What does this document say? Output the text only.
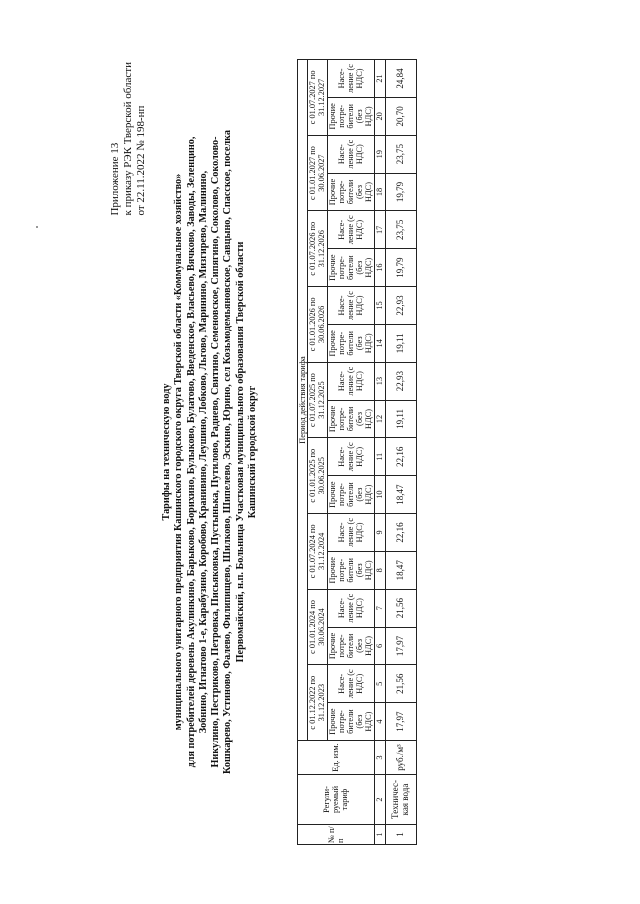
Приложение 13 к приказу РЭК Тверской области от 22.11.2022 № 198-нп
Тарифы на техническую воду муниципального унитарного предприятия Кашинского городского округа Тверской области «Коммунальное хозяйство» для потребителей деревень Акулинкино, Барыково, Борихино, Булыково, Булатово, Введенское, Власьево, Вячково, Заводы, Зеленцино, Зобнино, Игнатово 1-е, Карабузино, Коробово, Кранивино, Леушино, Лобково, Льгово, Маринино, Мизгирево, Малинино, Никулино, Пестриково, Петровка, Письяковка, Пустынька, Путилово, Раднево, Свитино, Семеновское, Сипягино, Соколово, Соколово- Кошкарево, Устиново, Фалево, Филипищево, Шилково, Шипелево, Эскино, Юрино, сел Козьмодемьяновское, Савцыно, Спасское, поселка Первомайский, н.п. Больница Участковая муниципального образования Тверской области Кашинский городской округ
№ п/ п	Регули-руемый тариф	Ед. изм.	Период действия тарифа																	
			с 01.12.2022 по 31.12.2023		с 01.01.2024 по 30.06.2024		с 01.07.2024 по 31.12.2024		с 01.01.2025 по 30.06.2025		с 01.07.2025 по 31.12.2025		с 01.01.2026 по 30.06.2026		с 01.07.2026 по 31.12.2026		с 01.01.2027 по 30.06.2027		с 01.07.2027 по 31.12.2027	
			Прочие потре-бители (без НДС)	Насе-ление (с НДС)	Прочие потре-бители (без НДС)	Насе-ление (с НДС)	Прочие потре-бители (без НДС)	Насе-ление (с НДС)	Прочие потре-бители (без НДС)	Насе-ление (с НДС)	Прочие потре-бители (без НДС)	Насе-ление (с НДС)	Прочие потре-бители (без НДС)	Насе-ление (с НДС)	Прочие потре-бители (без НДС)	Насе-ление (с НДС)	Прочие потре-бители (без НДС)	Насе-ление (с НДС)	Прочие потре-бители (без НДС)	Насе-ление (с НДС)
1	2	3	4	5	6	7	8	9	10	11	12	13	14	15	16	17	18	19	20	21
1	Техничес-кая вода	руб./м³	17,97	21,56	17,97	21,56	18,47	22,16	18,47	22,16	19,11	22,93	19,11	22,93	19,79	23,75	19,79	23,75	20,70	24,84
